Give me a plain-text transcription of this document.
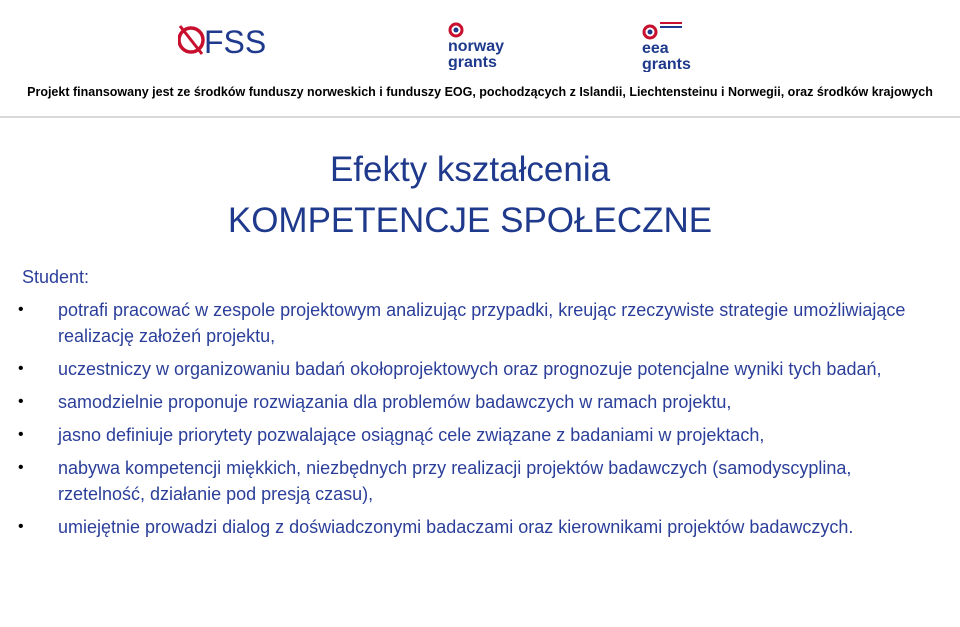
FSS	norway
grants
eea
grants
Projekt finansowany jest ze środków funduszy norweskich i funduszy EOG, pochodzących z Islandii, Liechtensteinu i Norwegii, oraz środków krajowych
Efekty kształcenia
KOMPETENCJE SPOŁECZNE
Student:
• potrafi pracować w zespole projektowym analizując przypadki, kreując rzeczywiste strategie umożliwiające realizację założeń projektu,
• uczestniczy w organizowaniu badań okołoprojektowych oraz prognozuje potencjalne wyniki tych badań,
• samodzielnie proponuje rozwiązania dla problemów badawczych w ramach projektu,
• jasno definiuje priorytety pozwalające osiągnąć cele związane z badaniami w projektach,
• nabywa kompetencji miękkich, niezbędnych przy realizacji projektów badawczych (samodyscyplina, rzetelność, działanie pod presją czasu),
• umiejętnie prowadzi dialog z doświadczonymi badaczami oraz kierownikami projektów badawczych.
